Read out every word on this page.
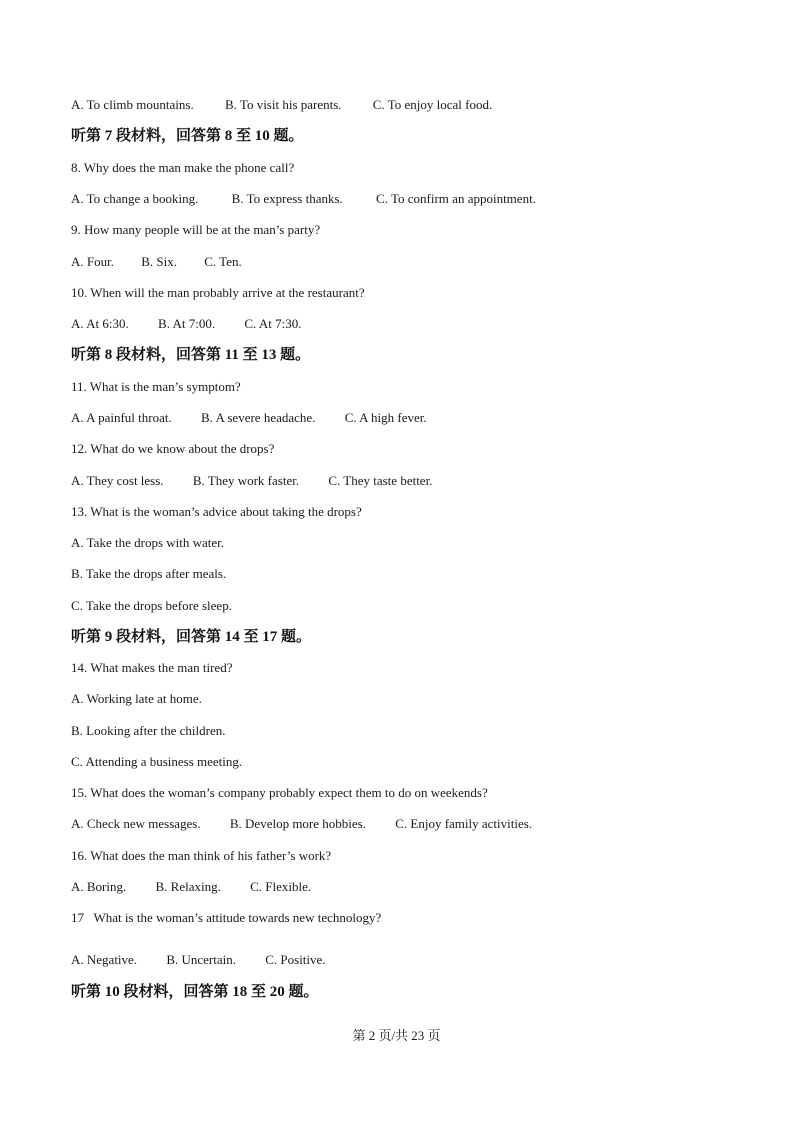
A. To climb mountains. B. To visit his parents. C. To enjoy local food.
听第 7 段材料，回答第 8 至 10 题。
8. Why does the man make the phone call?
A. To change a booking.	B. To express thanks.	C. To confirm an appointment.
9. How many people will be at the man’s party?
A. Four. B. Six. C. Ten.
10. When will the man probably arrive at the restaurant?
A. At 6:30. B. At 7:00. C. At 7:30.
听第 8 段材料，回答第 11 至 13 题。
11. What is the man’s symptom?
A. A painful throat. B. A severe headache. C. A high fever.
12. What do we know about the drops?
A. They cost less. B. They work faster. C. They taste better.
13. What is the woman’s advice about taking the drops?
A. Take the drops with water.
B. Take the drops after meals.
C. Take the drops before sleep.
听第 9 段材料，回答第 14 至 17 题。
14. What makes the man tired?
A. Working late at home.
B. Looking after the children.
C. Attending a business meeting.
15. What does the woman’s company probably expect them to do on weekends?
A. Check new messages. B. Develop more hobbies. C. Enjoy family activities.
16. What does the man think of his father’s work?
A. Boring. B. Relaxing. C. Flexible.
17   What is the woman’s attitude towards new technology?
A. Negative. B. Uncertain. C. Positive.
听第 10 段材料，回答第 18 至 20 题。
第 2 页/共 23 页
